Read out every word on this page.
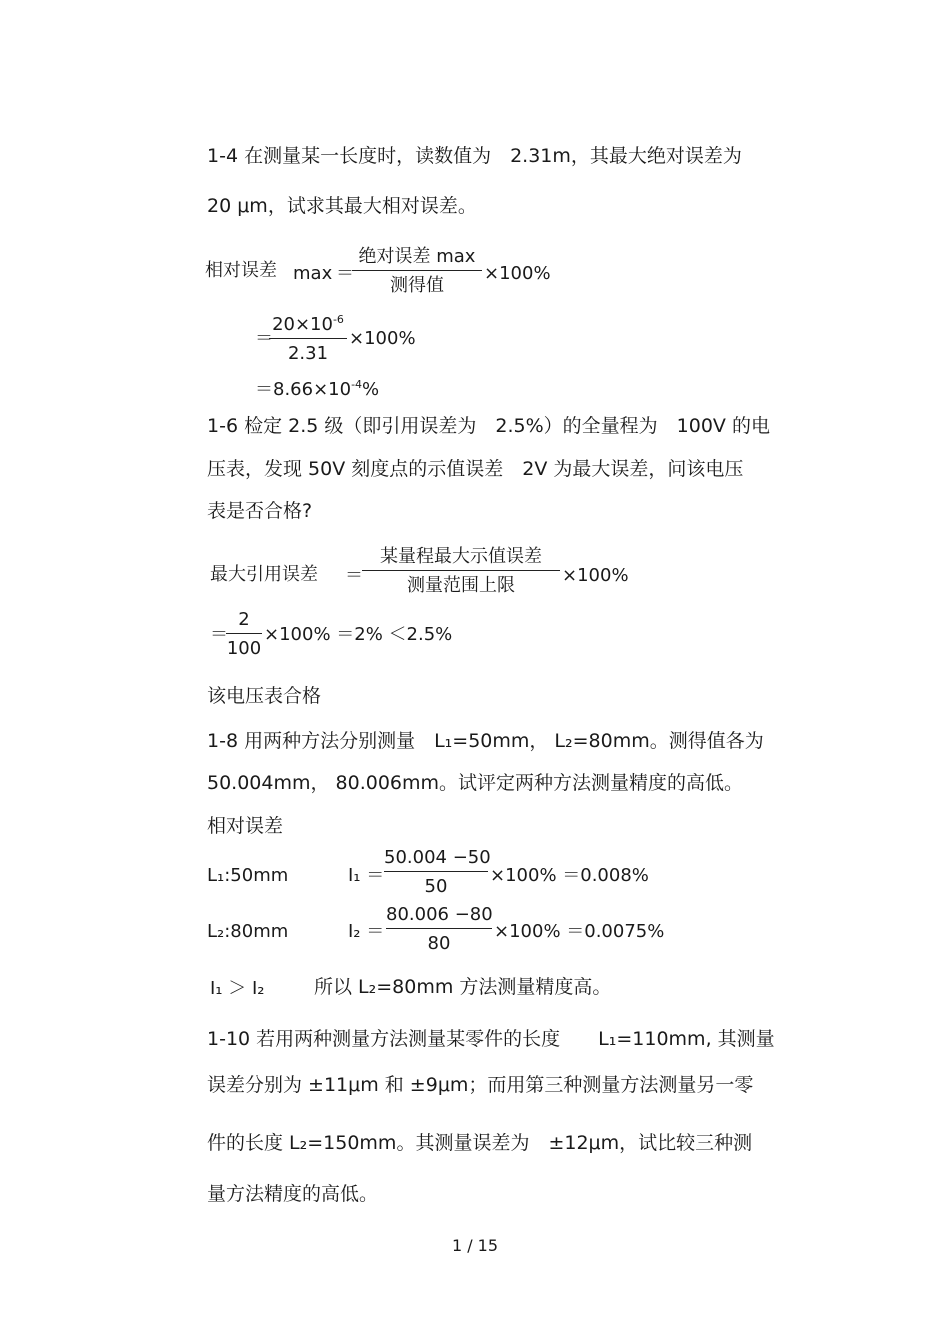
1-4 在测量某一长度时，读数值为　2.31m，其最大绝对误差为
20 μm，试求其最大相对误差。
相对误差 max ＝
绝对误差 max
测得值
×100%
＝
$20\times 10^{-6}$
2.31
×100%
$=8.66\times 10^{-4}\%$
1-6 检定 2.5 级（即引用误差为　2.5%）的全量程为　100V 的电
压表，发现 50V 刻度点的示值误差　2V 为最大误差，问该电压
表是否合格?
最大引用误差 ＝
某量程最大示值误差
测量范围上限	×100%
＝
2
100
×100% ＝2% ＜2.5%
该电压表合格
1-8 用两种方法分别测量　L₁=50mm， L₂=80mm。测得值各为
50.004mm， 80.006mm。试评定两种方法测量精度的高低。
相对误差
L₁:50mm	I₁ ＝
50.004 −50
50
×100% ＝0.008%
L₂:80mm	I₂ ＝
80.006 −80
80
×100% ＝0.0075%
I₁ ＞ I₂	所以 L₂=80mm 方法测量精度高。
1-10 若用两种测量方法测量某零件的长度　　L₁=110mm, 其测量
误差分别为 ±11μm 和 ±9μm；而用第三种测量方法测量另一零
件的长度 L₂=150mm。其测量误差为　±12μm，试比较三种测
量方法精度的高低。
1 / 15
